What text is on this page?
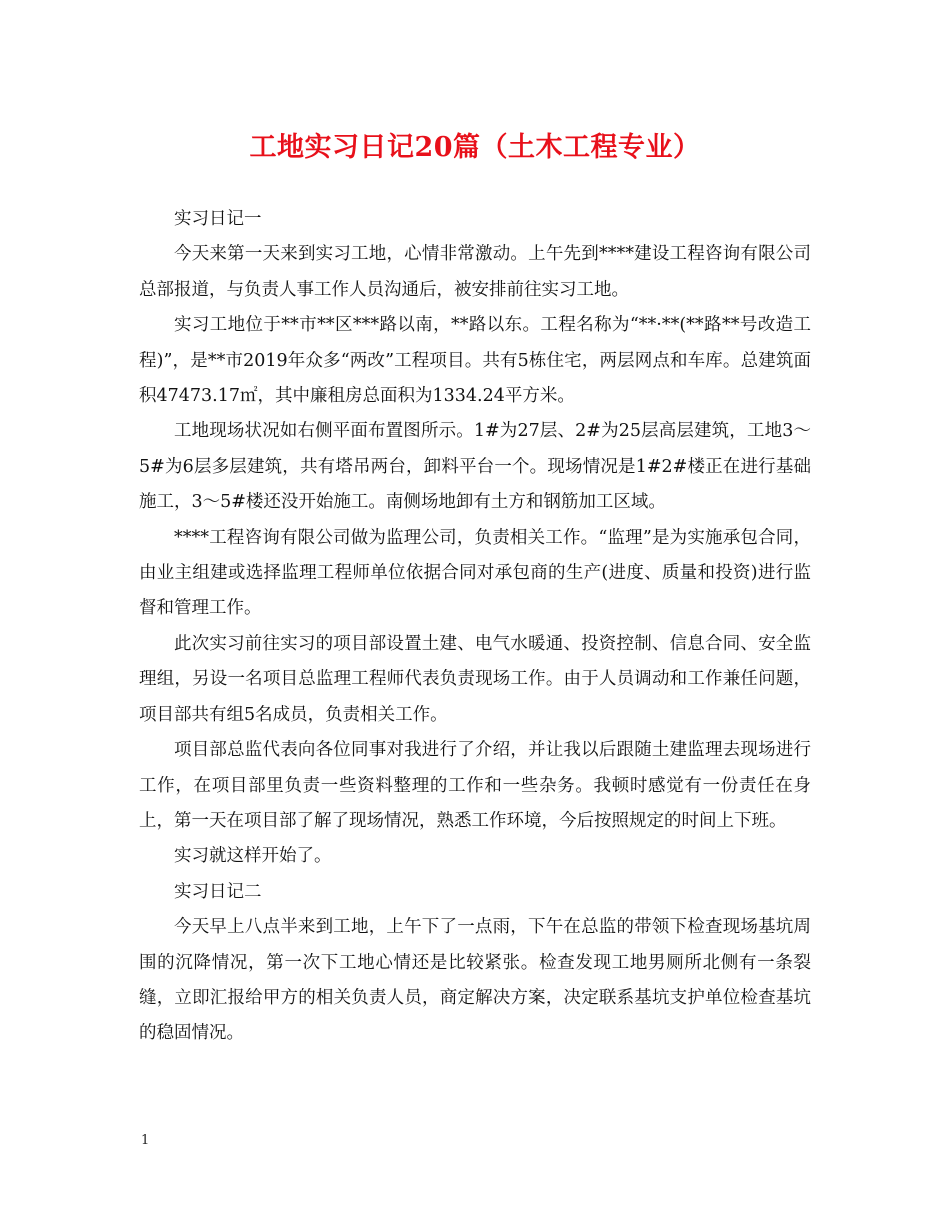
工地实习日记20篇（土木工程专业）

实习日记一

今天来第一天来到实习工地，心情非常激动。上午先到****建设工程咨询有限公司总部报道，与负责人事工作人员沟通后，被安排前往实习工地。

实习工地位于**市**区***路以南，**路以东。工程名称为“**·**(**路**号改造工程)”，是**市2019年众多“两改”工程项目。共有5栋住宅，两层网点和车库。总建筑面积47473.17㎡，其中廉租房总面积为1334.24平方米。

工地现场状况如右侧平面布置图所示。1#为27层、2#为25层高层建筑，工地3～5#为6层多层建筑，共有塔吊两台，卸料平台一个。现场情况是1#2#楼正在进行基础施工，3～5#楼还没开始施工。南侧场地卸有土方和钢筋加工区域。

****工程咨询有限公司做为监理公司，负责相关工作。“监理”是为实施承包合同，由业主组建或选择监理工程师单位依据合同对承包商的生产(进度、质量和投资)进行监督和管理工作。

此次实习前往实习的项目部设置土建、电气水暖通、投资控制、信息合同、安全监理组，另设一名项目总监理工程师代表负责现场工作。由于人员调动和工作兼任问题，项目部共有组5名成员，负责相关工作。

项目部总监代表向各位同事对我进行了介绍，并让我以后跟随土建监理去现场进行工作，在项目部里负责一些资料整理的工作和一些杂务。我顿时感觉有一份责任在身上，第一天在项目部了解了现场情况，熟悉工作环境，今后按照规定的时间上下班。

实习就这样开始了。

实习日记二

今天早上八点半来到工地，上午下了一点雨，下午在总监的带领下检查现场基坑周围的沉降情况，第一次下工地心情还是比较紧张。检查发现工地男厕所北侧有一条裂缝，立即汇报给甲方的相关负责人员，商定解决方案，决定联系基坑支护单位检查基坑的稳固情况。

1
